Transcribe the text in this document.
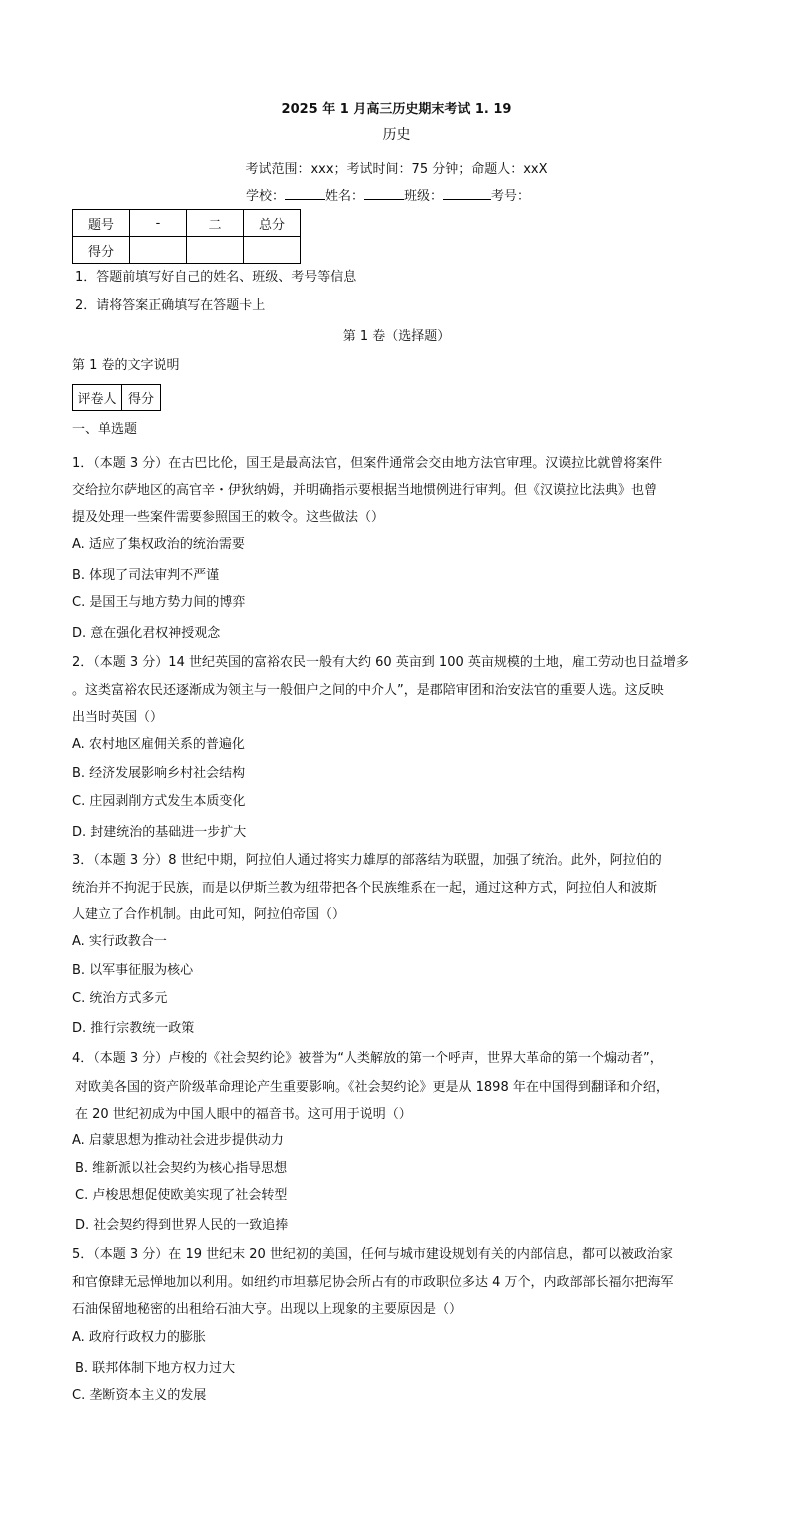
2025 年 1 月高三历史期末考试 1. 19
历史
考试范围：xxx；考试时间：75 分钟；命题人：xxX
学校：	姓名：	班级：	考号：
题号	-	二	总分
得分			
1．答题前填写好自己的姓名、班级、考号等信息
2．请将答案正确填写在答题卡上
第 1 卷（选择题）
第 1 卷的文字说明
评卷人	得分
一、单选题
1．（本题 3 分）在古巴比伦，国王是最高法官，但案件通常会交由地方法官审理。汉谟拉比就曾将案件
交给拉尔萨地区的高官辛・伊狄纳姆，并明确指示要根据当地惯例进行审判。但《汉谟拉比法典》也曾
提及处理一些案件需要参照国王的敕令。这些做法（）
A. 适应了集权政治的统治需要
B. 体现了司法审判不严谨
C. 是国王与地方势力间的博弈
D. 意在强化君权神授观念
2．（本题 3 分）14 世纪英国的富裕农民一般有大约 60 英亩到 100 英亩规模的土地，雇工劳动也日益增多
。这类富裕农民还逐渐成为领主与一般佃户之间的中介人”，是郡陪审团和治安法官的重要人选。这反映
出当时英国（）
A. 农村地区雇佣关系的普遍化
B. 经济发展影响乡村社会结构
C. 庄园剥削方式发生本质变化
D. 封建统治的基础进一步扩大
3．（本题 3 分）8 世纪中期，阿拉伯人通过将实力雄厚的部落结为联盟，加强了统治。此外，阿拉伯的
统治并不拘泥于民族，而是以伊斯兰教为纽带把各个民族维系在一起，通过这种方式，阿拉伯人和波斯
人建立了合作机制。由此可知，阿拉伯帝国（）
A. 实行政教合一
B. 以军事征服为核心
C. 统治方式多元
D. 推行宗教统一政策
4．（本题 3 分）卢梭的《社会契约论》被誉为“人类解放的第一个呼声，世界大革命的第一个煽动者”，
对欧美各国的资产阶级革命理论产生重要影响。《社会契约论》更是从 1898 年在中国得到翻译和介绍，
在 20 世纪初成为中国人眼中的福音书。这可用于说明（）
A. 启蒙思想为推动社会进步提供动力
B. 维新派以社会契约为核心指导思想
C. 卢梭思想促使欧美实现了社会转型
D. 社会契约得到世界人民的一致追捧
5．（本题 3 分）在 19 世纪末 20 世纪初的美国，任何与城市建设规划有关的内部信息，都可以被政治家
和官僚肆无忌惮地加以利用。如纽约市坦慕尼协会所占有的市政职位多达 4 万个，内政部部长福尔把海军
石油保留地秘密的出租给石油大亨。出现以上现象的主要原因是（）
A. 政府行政权力的膨胀
B. 联邦体制下地方权力过大
C. 垄断资本主义的发展
